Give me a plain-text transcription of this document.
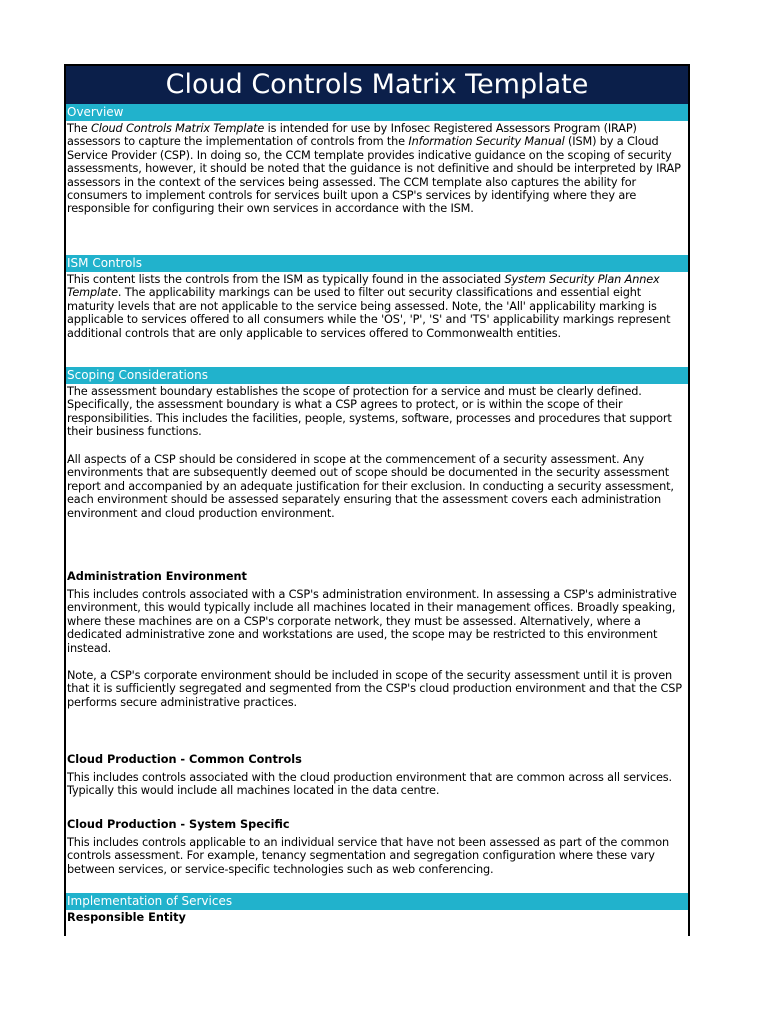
Cloud Controls Matrix Template
Overview
The Cloud Controls Matrix Template is intended for use by Infosec Registered Assessors Program (IRAP) assessors to capture the implementation of controls from the Information Security Manual (ISM) by a Cloud Service Provider (CSP). In doing so, the CCM template provides indicative guidance on the scoping of security assessments, however, it should be noted that the guidance is not definitive and should be interpreted by IRAP assessors in the context of the services being assessed. The CCM template also captures the ability for consumers to implement controls for services built upon a CSP's services by identifying where they are responsible for configuring their own services in accordance with the ISM.
ISM Controls
This content lists the controls from the ISM as typically found in the associated System Security Plan Annex Template. The applicability markings can be used to filter out security classifications and essential eight maturity levels that are not applicable to the service being assessed. Note, the 'All' applicability marking is applicable to services offered to all consumers while the 'OS', 'P', 'S' and 'TS' applicability markings represent additional controls that are only applicable to services offered to Commonwealth entities.
Scoping Considerations
The assessment boundary establishes the scope of protection for a service and must be clearly defined. Specifically, the assessment boundary is what a CSP agrees to protect, or is within the scope of their responsibilities. This includes the facilities, people, systems, software, processes and procedures that support their business functions.
All aspects of a CSP should be considered in scope at the commencement of a security assessment. Any environments that are subsequently deemed out of scope should be documented in the security assessment report and accompanied by an adequate justification for their exclusion. In conducting a security assessment, each environment should be assessed separately ensuring that the assessment covers each administration environment and cloud production environment.
Administration Environment
This includes controls associated with a CSP's administration environment. In assessing a CSP's administrative environment, this would typically include all machines located in their management offices. Broadly speaking, where these machines are on a CSP's corporate network, they must be assessed. Alternatively, where a dedicated administrative zone and workstations are used, the scope may be restricted to this environment instead.
Note, a CSP's corporate environment should be included in scope of the security assessment until it is proven that it is sufficiently segregated and segmented from the CSP's cloud production environment and that the CSP performs secure administrative practices.
Cloud Production - Common Controls
This includes controls associated with the cloud production environment that are common across all services. Typically this would include all machines located in the data centre.
Cloud Production - System Specific
This includes controls applicable to an individual service that have not been assessed as part of the common controls assessment. For example, tenancy segmentation and segregation configuration where these vary between services, or service-specific technologies such as web conferencing.
Implementation of Services
Responsible Entity
